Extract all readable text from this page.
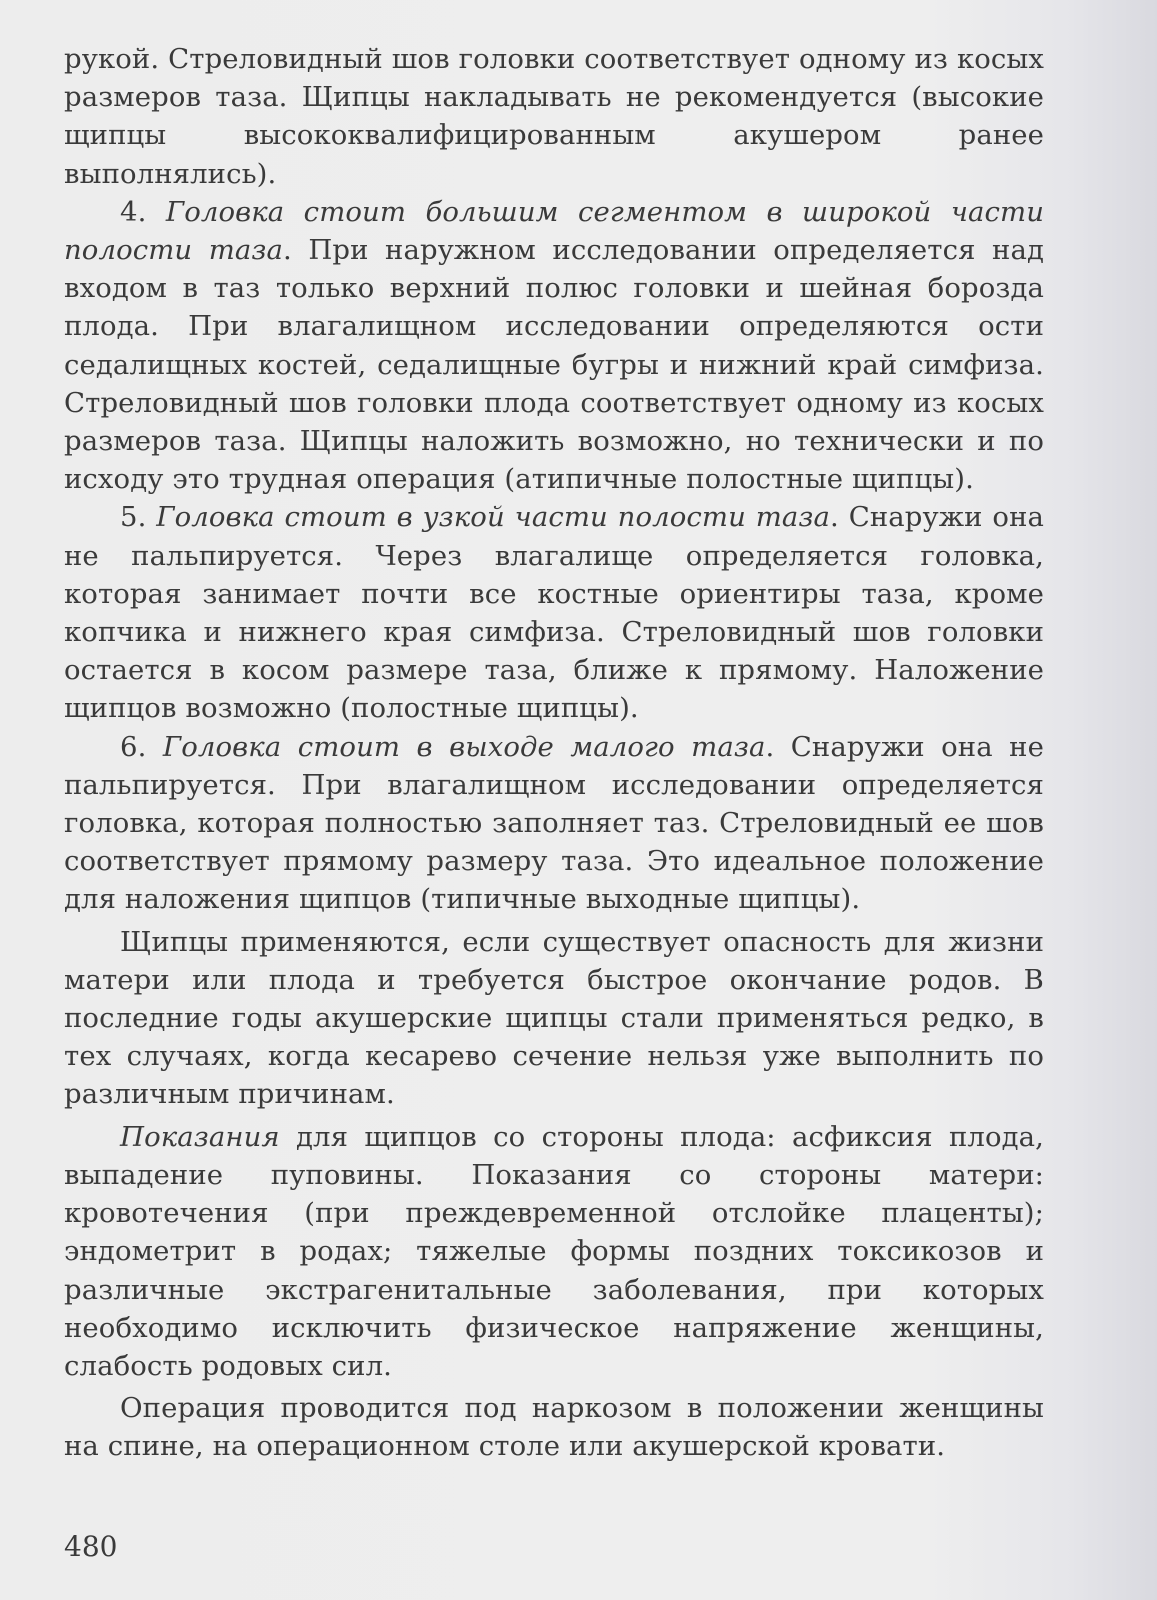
рукой. Стреловидный шов головки соответствует одному из косых размеров таза. Щипцы накладывать не рекомендуется (высокие щипцы высококвалифицированным акушером ранее выполнялись).

4. Головка стоит большим сегментом в широкой части полости таза. При наружном исследовании определяется над входом в таз только верхний полюс головки и шейная борозда плода. При влагалищном исследовании определяются ости седалищных костей, седалищные бугры и нижний край симфиза. Стреловидный шов головки плода соответствует одному из косых размеров таза. Щипцы наложить возможно, но технически и по исходу это трудная операция (атипичные полостные щипцы).

5. Головка стоит в узкой части полости таза. Снаружи она не пальпируется. Через влагалище определяется головка, которая занимает почти все костные ориентиры таза, кроме копчика и нижнего края симфиза. Стреловидный шов головки остается в косом размере таза, ближе к прямому. Наложение щипцов возможно (полостные щипцы).

6. Головка стоит в выходе малого таза. Снаружи она не пальпируется. При влагалищном исследовании определяется головка, которая полностью заполняет таз. Стреловидный ее шов соответствует прямому размеру таза. Это идеальное положение для наложения щипцов (типичные выходные щипцы).

Щипцы применяются, если существует опасность для жизни матери или плода и требуется быстрое окончание родов. В последние годы акушерские щипцы стали применяться редко, в тех случаях, когда кесарево сечение нельзя уже выполнить по различным причинам.

Показания для щипцов со стороны плода: асфиксия плода, выпадение пуповины. Показания со стороны матери: кровотечения (при преждевременной отслойке плаценты); эндометрит в родах; тяжелые формы поздних токсикозов и различные экстрагенитальные заболевания, при которых необходимо исключить физическое напряжение женщины, слабость родовых сил.

Операция проводится под наркозом в положении женщины на спине, на операционном столе или акушерской кровати.

480
